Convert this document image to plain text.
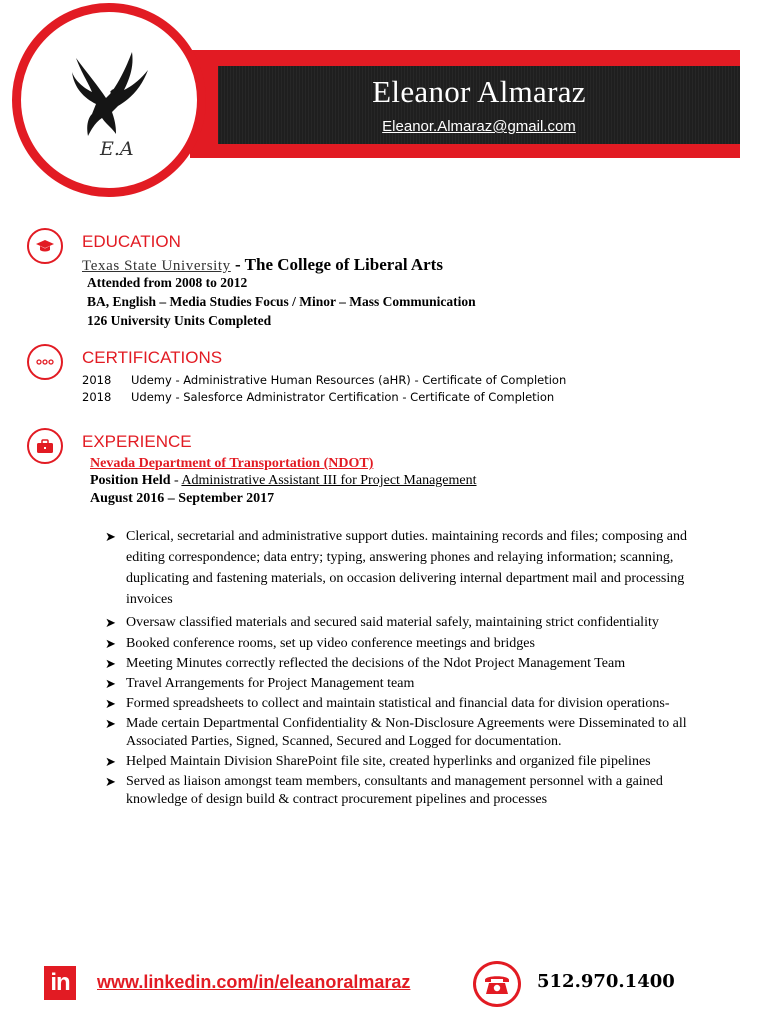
Eleanor Almaraz
Eleanor.Almaraz@gmail.com
E.A
EDUCATION
Texas State University - The College of Liberal Arts
Attended from 2008 to 2012
BA, English – Media Studies Focus / Minor – Mass Communication
126 University Units Completed
CERTIFICATIONS
2018 Udemy - Administrative Human Resources (aHR) - Certificate of Completion
2018 Udemy - Salesforce Administrator Certification - Certificate of Completion
EXPERIENCE
Nevada Department of Transportation (NDOT)
Position Held - Administrative Assistant III for Project Management
August 2016 – September 2017
➤ Clerical, secretarial and administrative support duties. maintaining records and files; composing and editing correspondence; data entry; typing, answering phones and relaying information; scanning, duplicating and fastening materials, on occasion delivering internal department mail and processing invoices
➤ Oversaw classified materials and secured said material safely, maintaining strict confidentiality
➤ Booked conference rooms, set up video conference meetings and bridges
➤ Meeting Minutes correctly reflected the decisions of the Ndot Project Management Team
➤ Travel Arrangements for Project Management team
➤ Formed spreadsheets to collect and maintain statistical and financial data for division operations-
➤ Made certain Departmental Confidentiality & Non-Disclosure Agreements were Disseminated to all Associated Parties, Signed, Scanned, Secured and Logged for documentation.
➤ Helped Maintain Division SharePoint file site, created hyperlinks and organized file pipelines
➤ Served as liaison amongst team members, consultants and management personnel with a gained knowledge of design build & contract procurement pipelines and processes
in	www.linkedin.com/in/eleanoralmaraz	512.970.1400
